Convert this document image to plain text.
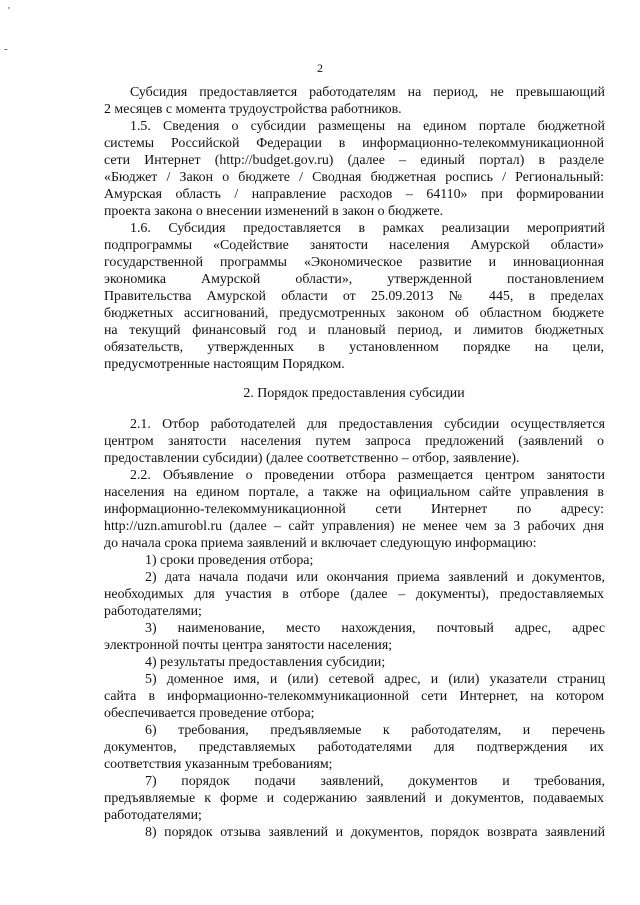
'
-
2
Субсидия предоставляется работодателям на период, не превышающий
2 месяцев с момента трудоустройства работников.
1.5. Сведения о субсидии размещены на едином портале бюджетной
системы Российской Федерации в информационно-телекоммуникационной
сети Интернет (http://budget.gov.ru) (далее – единый портал) в разделе
«Бюджет / Закон о бюджете / Сводная бюджетная роспись / Региональный:
Амурская область / направление расходов – 64110» при формировании
проекта закона о внесении изменений в закон о бюджете.
1.6. Субсидия предоставляется в рамках реализации мероприятий
подпрограммы «Содействие занятости населения Амурской области»
государственной программы «Экономическое развитие и инновационная
экономика Амурской области», утвержденной постановлением
Правительства Амурской области от 25.09.2013 № 445, в пределах
бюджетных ассигнований, предусмотренных законом об областном бюджете
на текущий финансовый год и плановый период, и лимитов бюджетных
обязательств, утвержденных в установленном порядке на цели,
предусмотренные настоящим Порядком.
2. Порядок предоставления субсидии
2.1. Отбор работодателей для предоставления субсидии осуществляется
центром занятости населения путем запроса предложений (заявлений о
предоставлении субсидии) (далее соответственно – отбор, заявление).
2.2. Объявление о проведении отбора размещается центром занятости
населения на едином портале, а также на официальном сайте управления в
информационно-телекоммуникационной сети Интернет по адресу:
http://uzn.amurobl.ru (далее – сайт управления) не менее чем за 3 рабочих дня
до начала срока приема заявлений и включает следующую информацию:
1) сроки проведения отбора;
2) дата начала подачи или окончания приема заявлений и документов,
необходимых для участия в отборе (далее – документы), предоставляемых
работодателями;
3) наименование, место нахождения, почтовый адрес, адрес
электронной почты центра занятости населения;
4) результаты предоставления субсидии;
5) доменное имя, и (или) сетевой адрес, и (или) указатели страниц
сайта в информационно-телекоммуникационной сети Интернет, на котором
обеспечивается проведение отбора;
6) требования, предъявляемые к работодателям, и перечень
документов, представляемых работодателями для подтверждения их
соответствия указанным требованиям;
7) порядок подачи заявлений, документов и требования,
предъявляемые к форме и содержанию заявлений и документов, подаваемых
работодателями;
8) порядок отзыва заявлений и документов, порядок возврата заявлений
